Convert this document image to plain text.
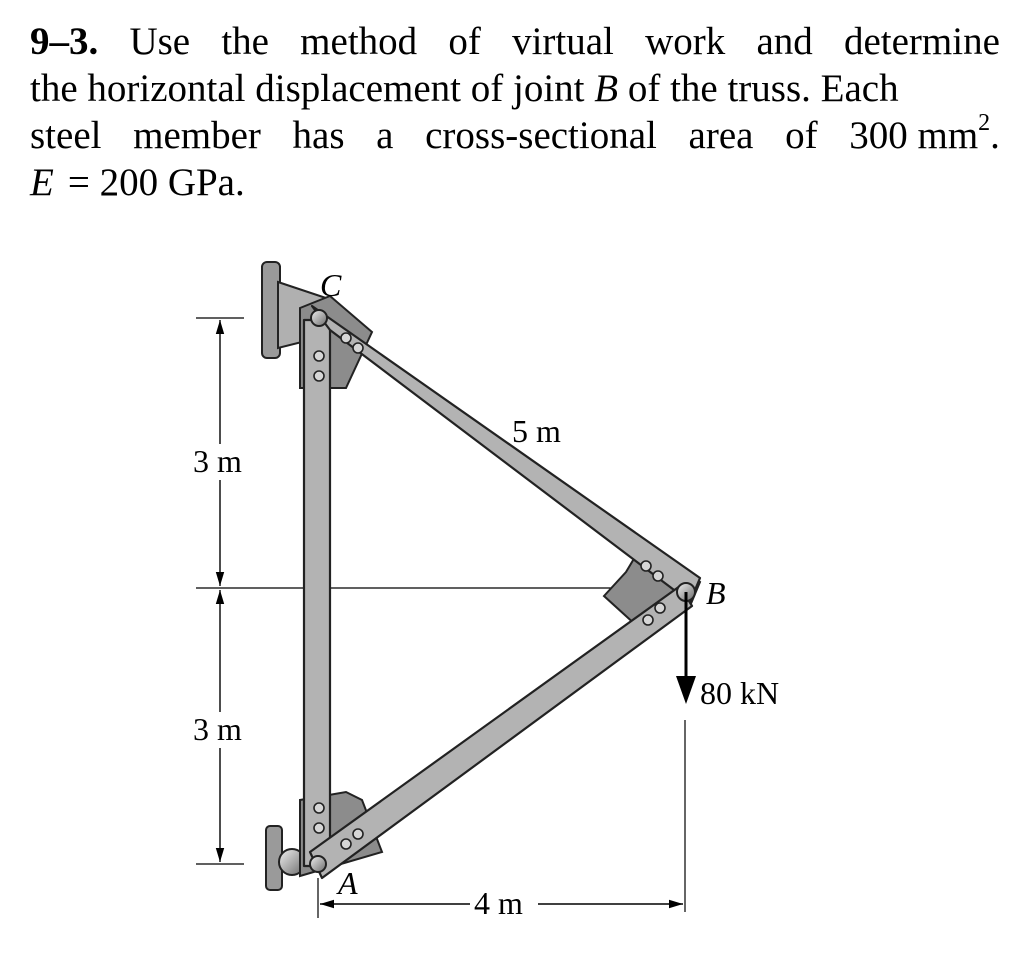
9–3. Use the method of virtual work and determine
the horizontal displacement of joint B of the truss. Each
steel member has a cross-sectional area of 300 $mm^2$.
E = 200 GPa.
C
B
A
5 m
3 m
3 m
4 m
80 kN
